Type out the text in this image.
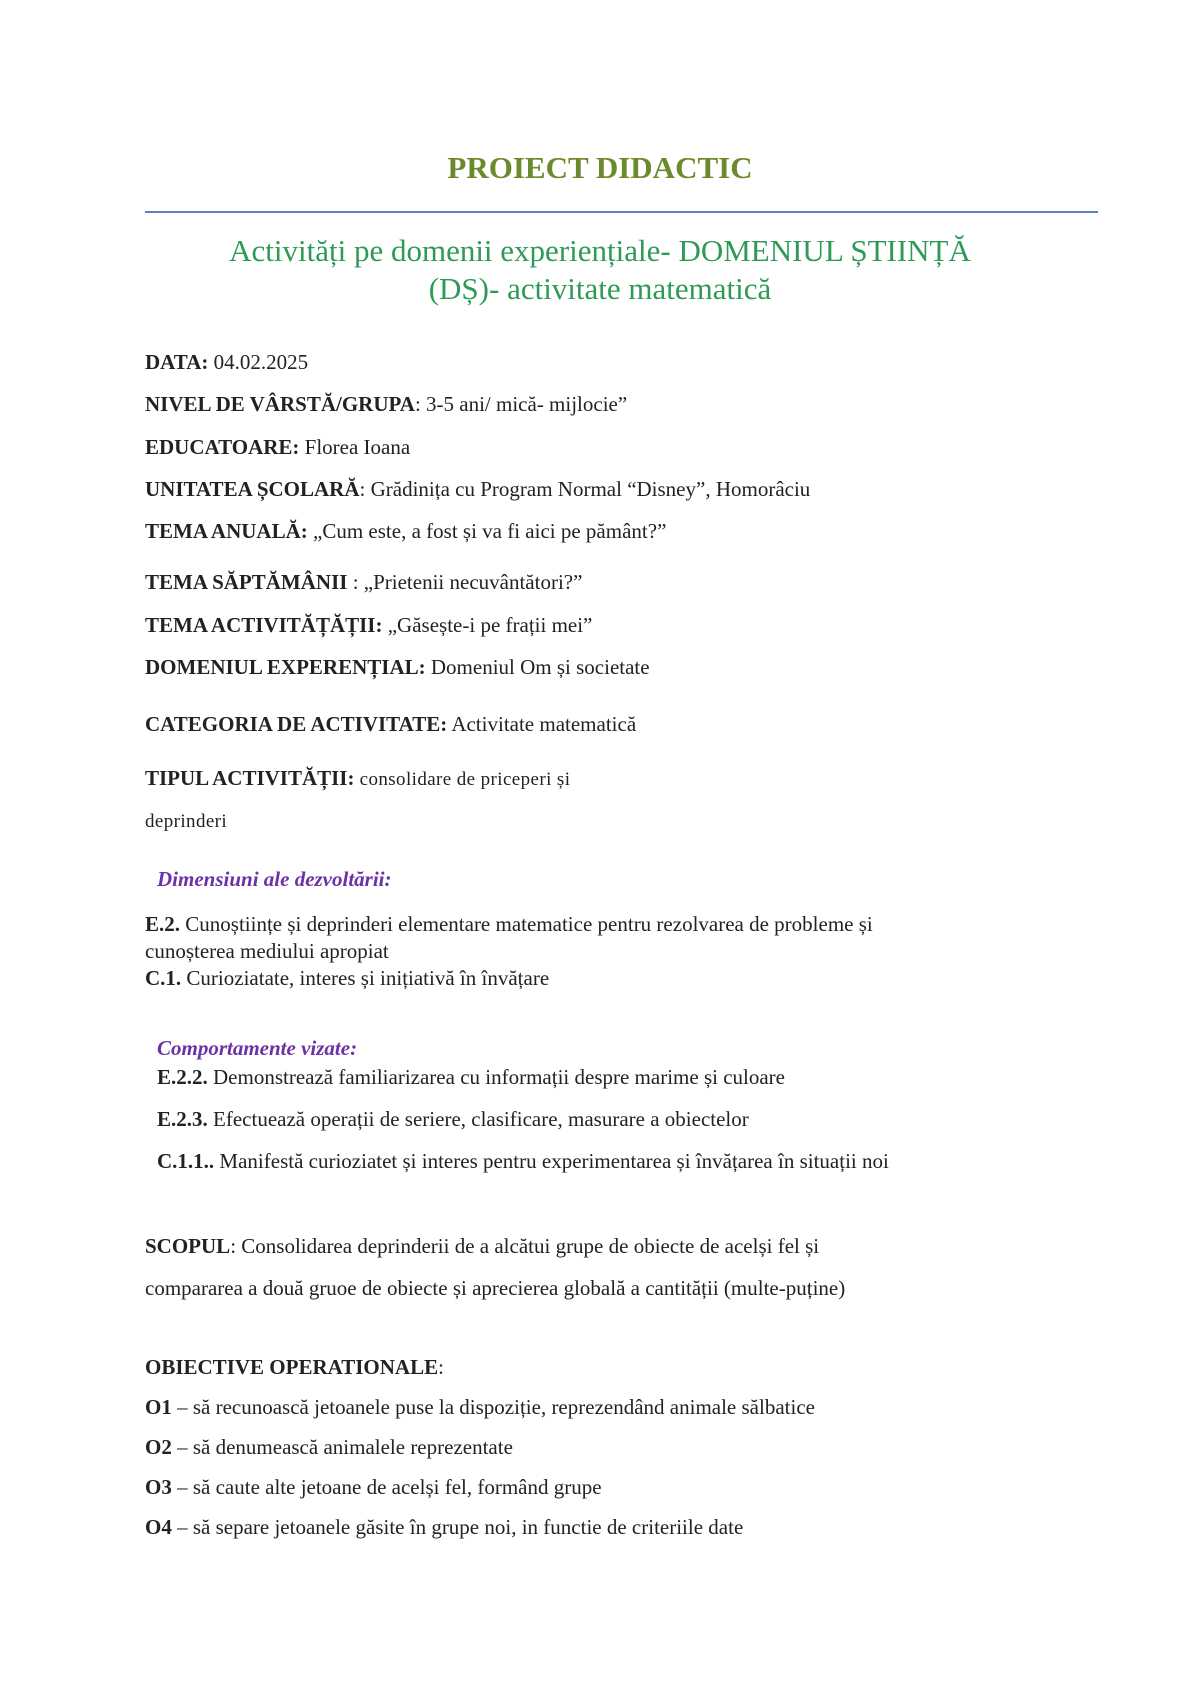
PROIECT DIDACTIC
Activități pe domenii experiențiale- DOMENIUL ȘTIINȚĂ
(DȘ)- activitate matematică

DATA: 04.02.2025

NIVEL DE VÂRSTĂ/GRUPA: 3-5 ani/ mică- mijlocie”

EDUCATOARE: Florea Ioana

UNITATEA ȘCOLARĂ: Grădinița cu Program Normal “Disney”, Homorâciu

TEMA ANUALĂ: „Cum este, a fost și va fi aici pe pământ?”

TEMA SĂPTĂMÂNII : „Prietenii necuvântători?”

TEMA ACTIVITĂȚĂȚII: „Găsește-i pe frații mei”

DOMENIUL EXPERENȚIAL: Domeniul Om și societate

CATEGORIA DE ACTIVITATE: Activitate matematică

TIPUL ACTIVITĂȚII: consolidare de priceperi și

deprinderi

Dimensiuni ale dezvoltării:

E.2. Cunoștiințe și deprinderi elementare matematice pentru rezolvarea de probleme și

cunoșterea mediului apropiat

C.1. Curioziatate, interes și inițiativă în învățare

Comportamente vizate:

E.2.2. Demonstrează familiarizarea cu informații despre marime și culoare

E.2.3. Efectuează operații de seriere, clasificare, masurare a obiectelor

C.1.1.. Manifestă curioziatet și interes pentru experimentarea și învățarea în situații noi

SCOPUL: Consolidarea deprinderii de a alcătui grupe de obiecte de acelși fel și

compararea a două gruoe de obiecte și aprecierea globală a cantității (multe-puține)

OBIECTIVE OPERATIONALE:

O1 – să recunoască jetoanele puse la dispoziție, reprezendând animale sălbatice

O2 – să denumească animalele reprezentate

O3 – să caute alte jetoane de acelși fel, formând grupe

O4 – să separe jetoanele găsite în grupe noi, in functie de criteriile date
